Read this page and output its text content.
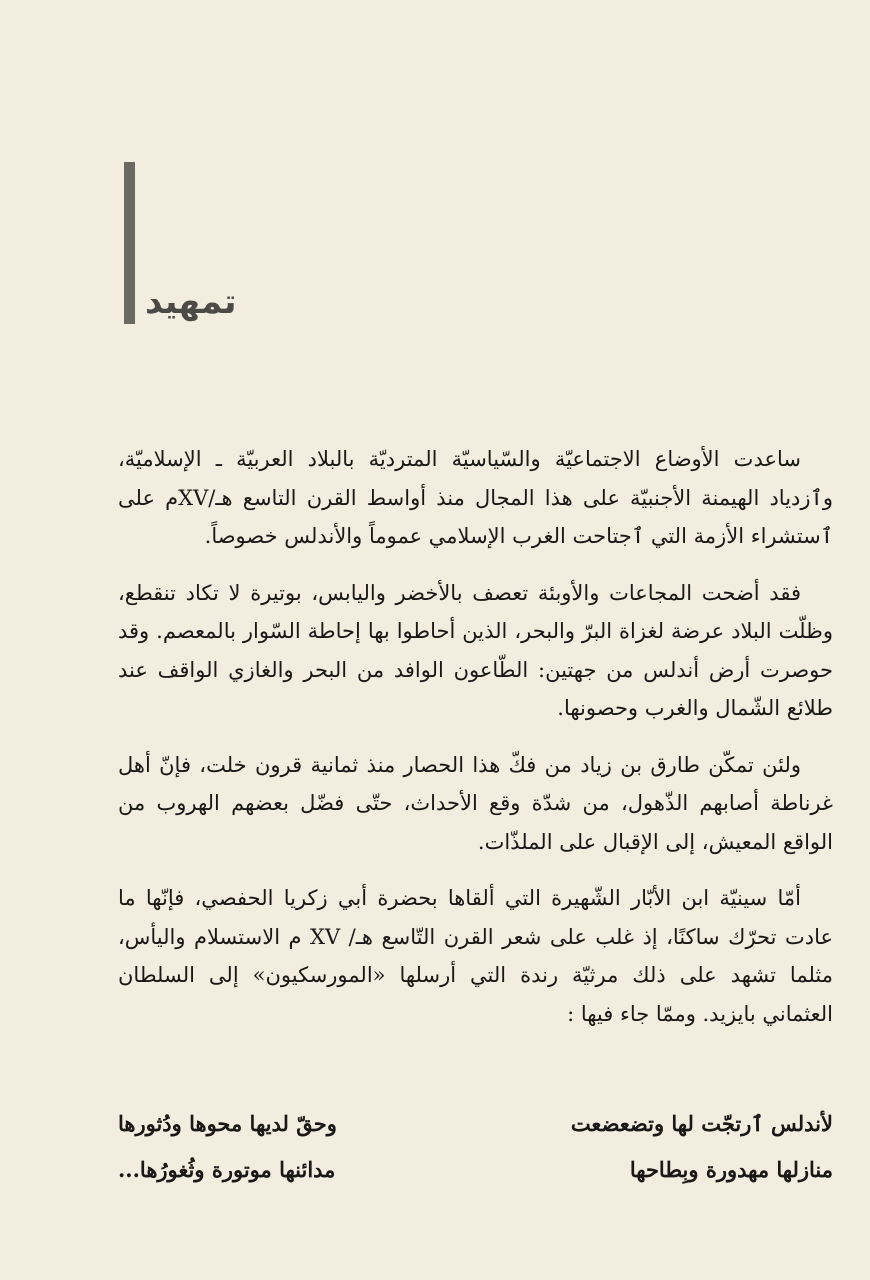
تمهيد

ساعدت الأوضاع الاجتماعيّة والسّياسيّة المترديّة بالبلاد العربيّة ـ الإسلاميّة، وٱزدياد الهيمنة الأجنبيّة على هذا المجال منذ أواسط القرن التاسع هـ/XVم على ٱستشراء الأزمة التي ٱجتاحت الغرب الإسلامي عموماً والأندلس خصوصاً.

فقد أضحت المجاعات والأوبئة تعصف بالأخضر واليابس، بوتيرة لا تكاد تنقطع، وظلّت البلاد عرضة لغزاة البرّ والبحر، الذين أحاطوا بها إحاطة السّوار بالمعصم. وقد حوصرت أرض أندلس من جهتين: الطّاعون الوافد من البحر والغازي الواقف عند طلائع الشّمال والغرب وحصونها.

ولئن تمكّن طارق بن زياد من فكّ هذا الحصار منذ ثمانية قرون خلت، فإنّ أهل غرناطة أصابهم الذّهول، من شدّة وقع الأحداث، حتّى فضّل بعضهم الهروب من الواقع المعيش، إلى الإقبال على الملذّات.

أمّا سينيّة ابن الأبّار الشّهيرة التي ألقاها بحضرة أبي زكريا الحفصي، فإنّها ما عادت تحرّك ساكنًا، إذ غلب على شعر القرن التّاسع هـ/ XV م الاستسلام واليأس، مثلما تشهد على ذلك مرثيّة رندة التي أرسلها «المورسكيون» إلى السلطان العثماني بايزيد. وممّا جاء فيها :

لأندلس ٱرتجّت لها وتضعضعت
وحقّ لديها محوها ودُثورها
منازلها مهدورة وبِطاحها
مدائنها موتورة وثُغورُها...
